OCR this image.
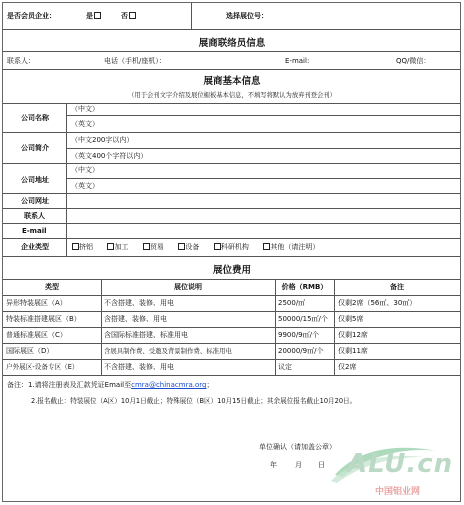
是否会员企业：	是	否	选择展位号：
展商联络员信息
联系人：	电话（手机/座机）：	E-mail:	QQ/微信：
展商基本信息
（用于会刊文字介绍及展位楣板基本信息，不填写将默认为放弃刊登会刊）
公司名称
（中文）
（英文）
公司简介
（中文200字以内）
（英文400个字符以内）
公司地址
（中文）
（英文）
公司网址
联系人
E-mail
企业类型	挤铝	加工	贸易	设备	科研机构	其他（请注明）
展位费用
类型	展位说明	价格（RMB）	备注
异形特装展区（A）	不含搭建、装修、用电	2500/㎡	仅剩2席（56㎡、30㎡）
特装标准搭建展区（B）	含搭建、装修、用电	50000/15㎡/个 仅剩5席
普通标准展区（C）	含国际标准搭建、标准用电	9900/9㎡/个	仅剩12席
国际展区（D）	含展具制作费、受邀及背景制作费、标准用电	20000/9㎡/个 仅剩11席
户外展区-设备专区（E）	不含搭建、装修、用电	议定	仅2席
备注：1.请将注册表及汇款凭证Email至cmra@chinacmra.org；
2.报名截止：特装展位（A区）10月1日截止；特殊展位（B区）10月15日截止；其余展位报名截止10月20日。
单位确认（请加盖公章）
年	月 日 ALU.cn
中国铝业网
